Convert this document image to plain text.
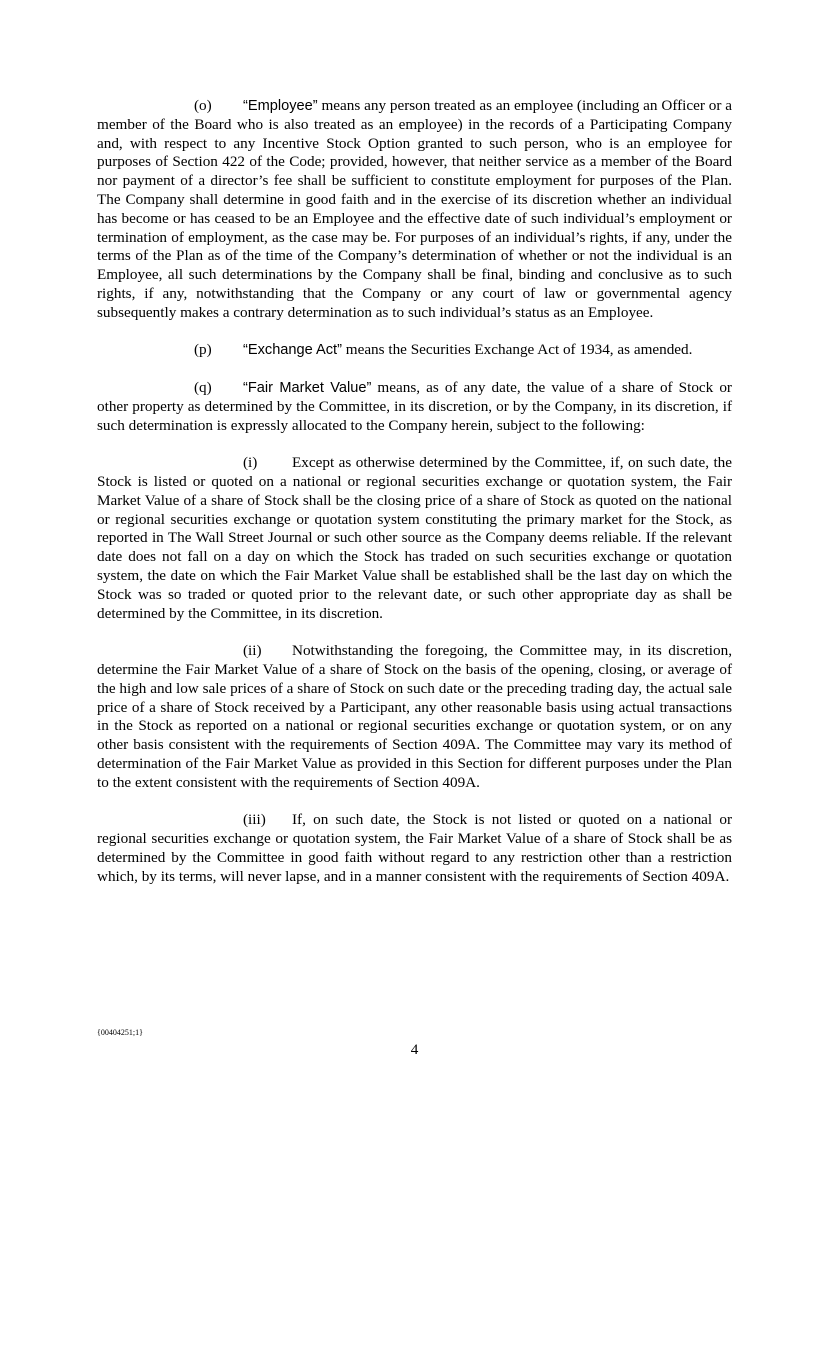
(o) “Employee” means any person treated as an employee (including an Officer or a member of the Board who is also treated as an employee) in the records of a Participating Company and, with respect to any Incentive Stock Option granted to such person, who is an employee for purposes of Section 422 of the Code; provided, however, that neither service as a member of the Board nor payment of a director’s fee shall be sufficient to constitute employment for purposes of the Plan. The Company shall determine in good faith and in the exercise of its discretion whether an individual has become or has ceased to be an Employee and the effective date of such individual’s employment or termination of employment, as the case may be. For purposes of an individual’s rights, if any, under the terms of the Plan as of the time of the Company’s determination of whether or not the individual is an Employee, all such determinations by the Company shall be final, binding and conclusive as to such rights, if any, notwithstanding that the Company or any court of law or governmental agency subsequently makes a contrary determination as to such individual’s status as an Employee.

(p) “Exchange Act” means the Securities Exchange Act of 1934, as amended.

(q) “Fair Market Value” means, as of any date, the value of a share of Stock or other property as determined by the Committee, in its discretion, or by the Company, in its discretion, if such determination is expressly allocated to the Company herein, subject to the following:

(i) Except as otherwise determined by the Committee, if, on such date, the Stock is listed or quoted on a national or regional securities exchange or quotation system, the Fair Market Value of a share of Stock shall be the closing price of a share of Stock as quoted on the national or regional securities exchange or quotation system constituting the primary market for the Stock, as reported in The Wall Street Journal or such other source as the Company deems reliable. If the relevant date does not fall on a day on which the Stock has traded on such securities exchange or quotation system, the date on which the Fair Market Value shall be established shall be the last day on which the Stock was so traded or quoted prior to the relevant date, or such other appropriate day as shall be determined by the Committee, in its discretion.

(ii) Notwithstanding the foregoing, the Committee may, in its discretion, determine the Fair Market Value of a share of Stock on the basis of the opening, closing, or average of the high and low sale prices of a share of Stock on such date or the preceding trading day, the actual sale price of a share of Stock received by a Participant, any other reasonable basis using actual transactions in the Stock as reported on a national or regional securities exchange or quotation system, or on any other basis consistent with the requirements of Section 409A. The Committee may vary its method of determination of the Fair Market Value as provided in this Section for different purposes under the Plan to the extent consistent with the requirements of Section 409A.

(iii) If, on such date, the Stock is not listed or quoted on a national or regional securities exchange or quotation system, the Fair Market Value of a share of Stock shall be as determined by the Committee in good faith without regard to any restriction other than a restriction which, by its terms, will never lapse, and in a manner consistent with the requirements of Section 409A.

{00404251;1}
4
